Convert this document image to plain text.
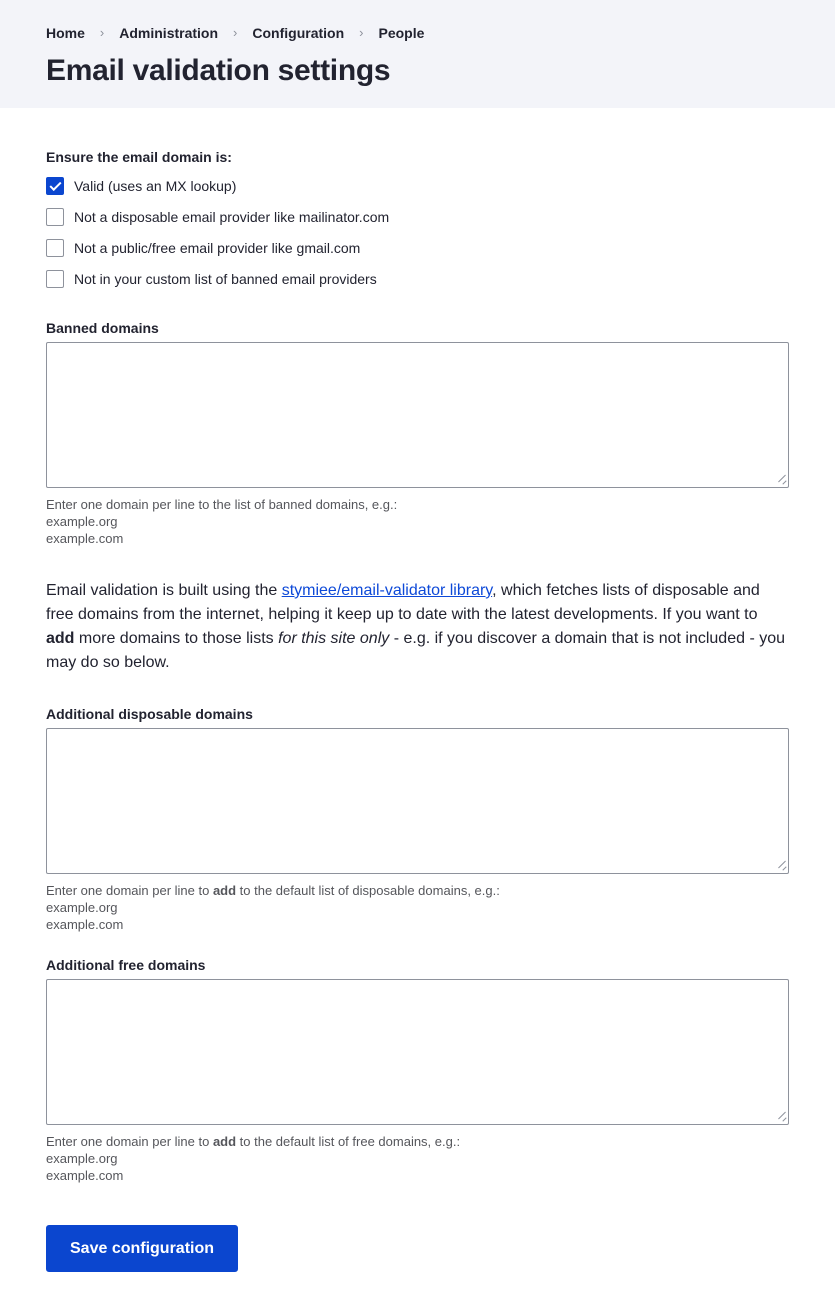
Home › Administration › Configuration › People
Email validation settings
Ensure the email domain is:
Valid (uses an MX lookup)
Not a disposable email provider like mailinator.com
Not a public/free email provider like gmail.com
Not in your custom list of banned email providers
Banned domains
Enter one domain per line to the list of banned domains, e.g.:
example.org
example.com

Email validation is built using the stymiee/email-validator library, which fetches lists of disposable and free domains from the internet, helping it keep up to date with the latest developments. If you want to add more domains to those lists for this site only - e.g. if you discover a domain that is not included - you may do so below.

Additional disposable domains
Enter one domain per line to add to the default list of disposable domains, e.g.:
example.org
example.com
Additional free domains
Enter one domain per line to add to the default list of free domains, e.g.:
example.org
example.com
Save configuration
